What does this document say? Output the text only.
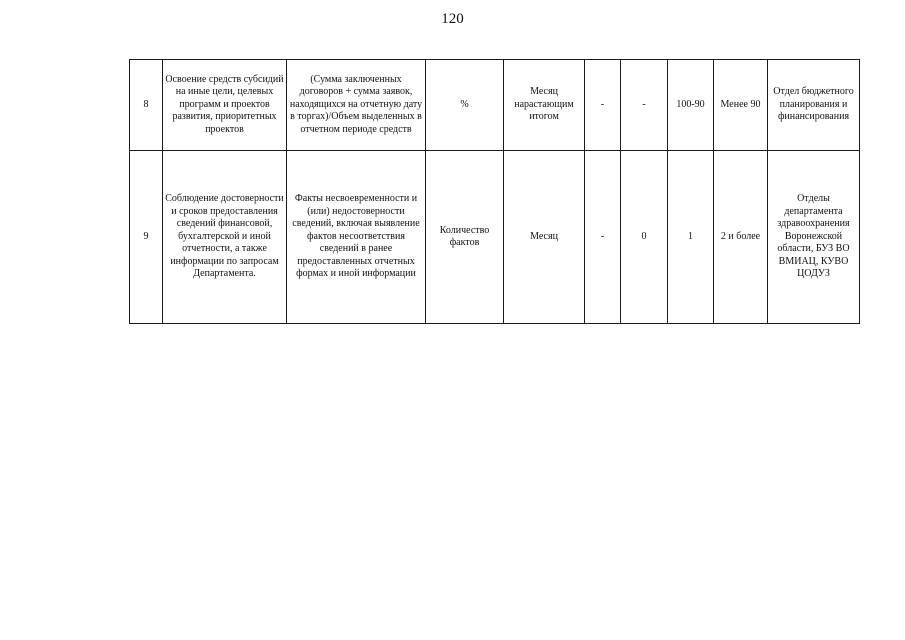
120
8	Освоение средств субсидий на иные цели, целевых программ и проектов развития, приоритетных проектов	(Сумма заключенных договоров + сумма заявок, находящихся на отчетную дату в торгах)/Объем выделенных в отчетном периоде средств	%	Месяц нарастающим итогом	-	-	100-90	Менее 90	Отдел бюджетного планирования и финансирования
9	Соблюдение достоверности и сроков предоставления сведений финансовой, бухгалтерской и иной отчетности, а также информации по запросам Департамента.	Факты несвоевременности и (или) недостоверности сведений, включая выявление фактов несоответствия сведений в ранее предоставленных отчетных формах и иной информации	Количество фактов	Месяц	-	0	1	2 и более	Отделы департамента здравоохранения Воронежской области, БУЗ ВО ВМИАЦ, КУВО ЦОДУЗ
